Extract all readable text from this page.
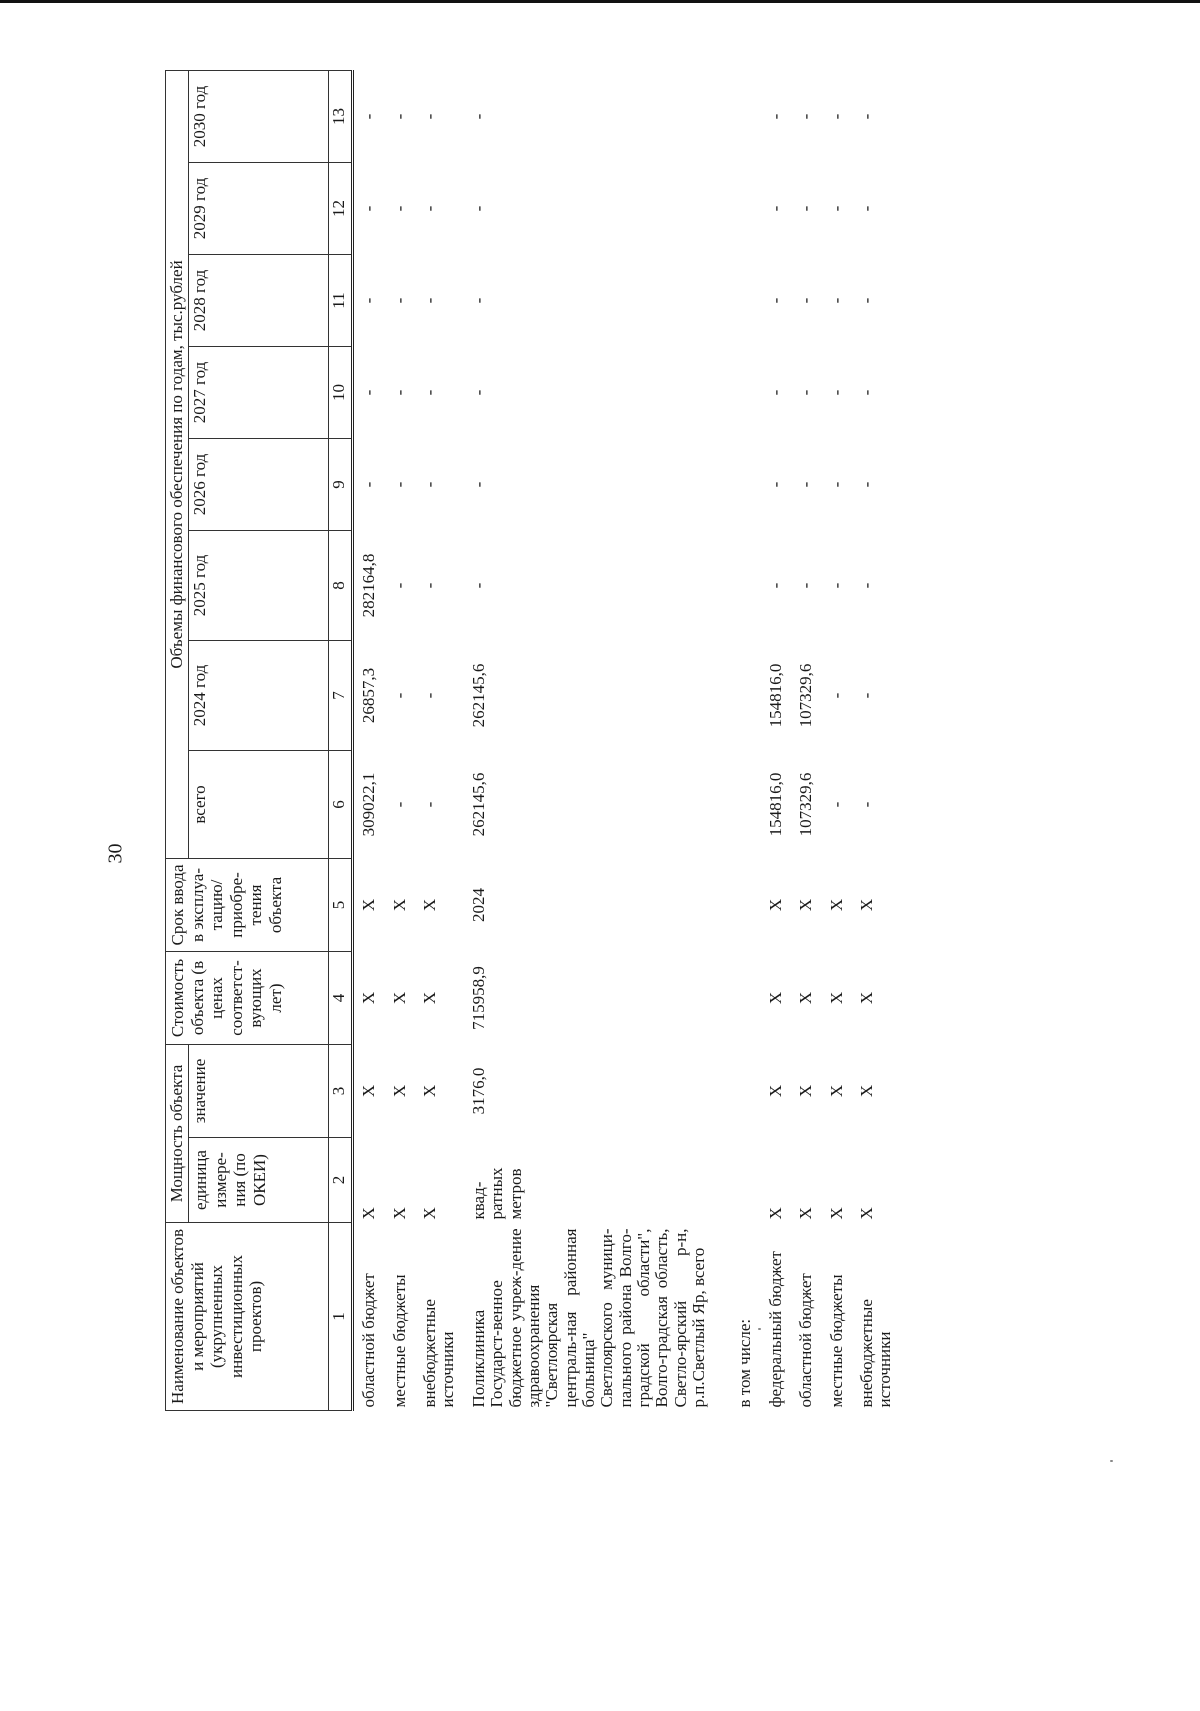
30
Наименование объектов и мероприятий (укрупненных инвестиционных проектов)	Мощность объекта		Стоимость объекта (в ценах соответст-вующих лет)	Срок ввода в эксплуа-тацию/ приобре-тения объекта	Объемы финансового обеспечения по годам, тыс.рублей							
	единица измере-ния (по ОКЕИ)	значение			всего	2024 год	2025 год	2026 год	2027 год	2028 год	2029 год	2030 год
1	2	3	4	5	6	7	8	9	10	11	12	13
областной бюджет	Х	Х	Х	Х	309022,1	26857,3	282164,8	-	-	-	-	-
местные бюджеты	Х	Х	Х	Х	-	-	-	-	-	-	-	-
внебюджетные источники	Х	Х	Х	Х	-	-	-	-	-	-	-	-
Поликлиника Государст-венное бюджетное учреж-дение здравоохранения "Светлоярская централь-ная районная больница" Светлоярского муници-пального района Волго-градской области", Волго-градская область, Светло-ярский р-н, р.п.Светлый Яр, всего	квад-ратных метров	3176,0	715958,9	2024	262145,6	262145,6	-	-	-	-	-	-
в том числе:												
федеральный бюджет	Х	Х	Х	Х	154816,0	154816,0	-	-	-	-	-	-
областной бюджет	Х	Х	Х	Х	107329,6	107329,6	-	-	-	-	-	-
местные бюджеты	Х	Х	Х	Х	-	-	-	-	-	-	-	-
внебюджетные источники	Х	Х	Х	Х	-	-	-	-	-	-	-	-
